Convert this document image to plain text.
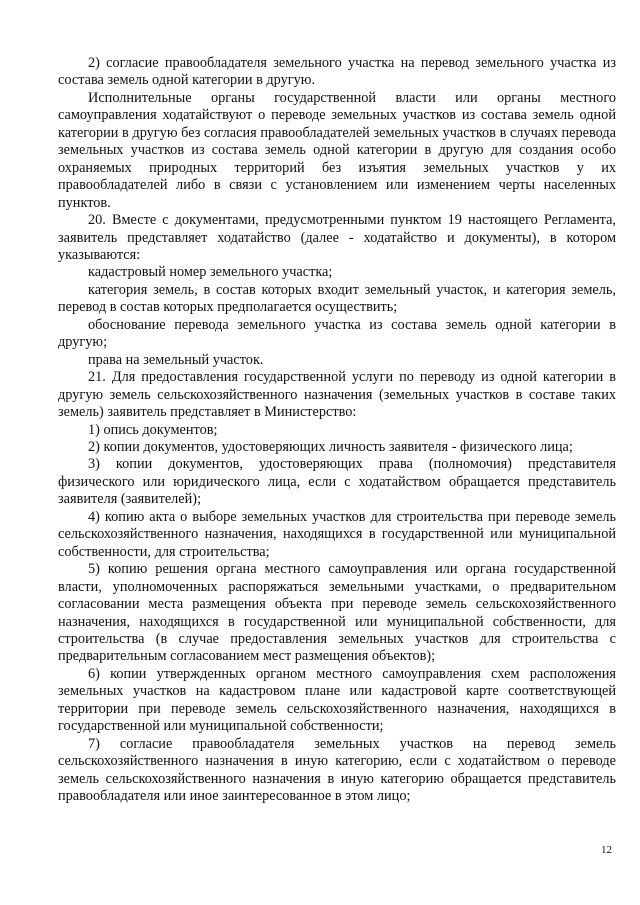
2) согласие правообладателя земельного участка на перевод земельного участка из состава земель одной категории в другую.

Исполнительные органы государственной власти или органы местного самоуправления ходатайствуют о переводе земельных участков из состава земель одной категории в другую без согласия правообладателей земельных участков в случаях перевода земельных участков из состава земель одной категории в другую для создания особо охраняемых природных территорий без изъятия земельных участков у их правообладателей либо в связи с установлением или изменением черты населенных пунктов.

20. Вместе с документами, предусмотренными пунктом 19 настоящего Регламента, заявитель представляет ходатайство (далее - ходатайство и документы), в котором указываются:

кадастровый номер земельного участка;

категория земель, в состав которых входит земельный участок, и категория земель, перевод в состав которых предполагается осуществить;

обоснование перевода земельного участка из состава земель одной категории в другую;

права на земельный участок.

21. Для предоставления государственной услуги по переводу из одной категории в другую земель сельскохозяйственного назначения (земельных участков в составе таких земель) заявитель представляет в Министерство:

1) опись документов;

2) копии документов, удостоверяющих личность заявителя - физического лица;

3) копии документов, удостоверяющих права (полномочия) представителя физического или юридического лица, если с ходатайством обращается представитель заявителя (заявителей);

4) копию акта о выборе земельных участков для строительства при переводе земель сельскохозяйственного назначения, находящихся в государственной или муниципальной собственности, для строительства;

5) копию решения органа местного самоуправления или органа государственной власти, уполномоченных распоряжаться земельными участками, о предварительном согласовании места размещения объекта при переводе земель сельскохозяйственного назначения, находящихся в государственной или муниципальной собственности, для строительства (в случае предоставления земельных участков для строительства с предварительным согласованием мест размещения объектов);

6) копии утвержденных органом местного самоуправления схем расположения земельных участков на кадастровом плане или кадастровой карте соответствующей территории при переводе земель сельскохозяйственного назначения, находящихся в государственной или муниципальной собственности;

7) согласие правообладателя земельных участков на перевод земель сельскохозяйственного назначения в иную категорию, если с ходатайством о переводе земель сельскохозяйственного назначения в иную категорию обращается представитель правообладателя или иное заинтересованное в этом лицо;

12
